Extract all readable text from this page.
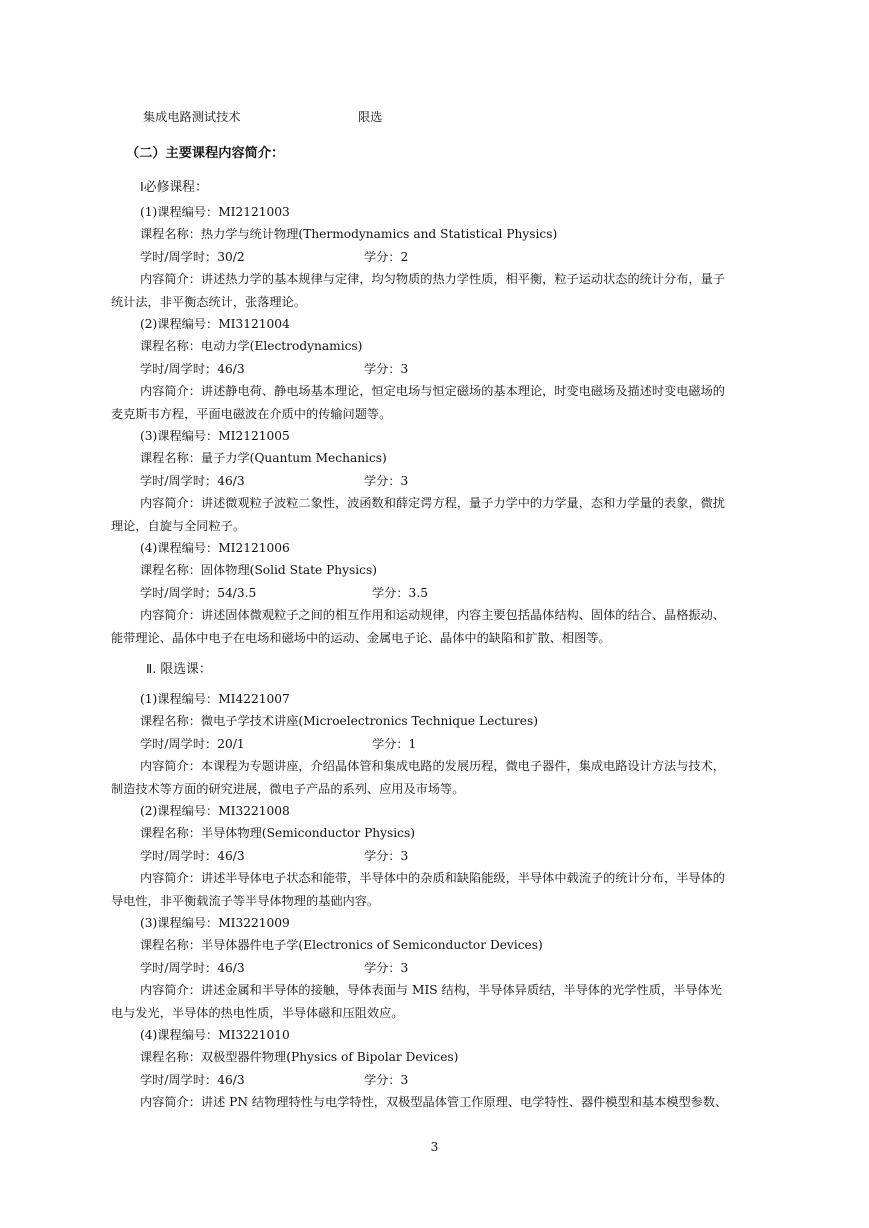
集成电路测试技术	限选
（二）主要课程内容简介：
Ⅰ必修课程：
Ⅱ. 限选课：
(1)课程编号：MI2121003
课程名称：热力学与统计物理(Thermodynamics and Statistical Physics)
学时/周学时：30/2	学分：2
内容简介：讲述热力学的基本规律与定律，均匀物质的热力学性质，相平衡，粒子运动状态的统计分布，量子
统计法，非平衡态统计，张落理论。
(2)课程编号：MI3121004
课程名称：电动力学(Electrodynamics)
学时/周学时：46/3	学分：3
内容简介：讲述静电荷、静电场基本理论，恒定电场与恒定磁场的基本理论，时变电磁场及描述时变电磁场的
麦克斯韦方程，平面电磁波在介质中的传输问题等。
(3)课程编号：MI2121005
课程名称：量子力学(Quantum Mechanics)
学时/周学时：46/3	学分：3
内容简介：讲述微观粒子波粒二象性，波函数和薛定谔方程，量子力学中的力学量，态和力学量的表象，微扰
理论，自旋与全同粒子。
(4)课程编号：MI2121006
课程名称：固体物理(Solid State Physics)
学时/周学时：54/3.5	学分：3.5
内容简介：讲述固体微观粒子之间的相互作用和运动规律，内容主要包括晶体结构、固体的结合、晶格振动、
能带理论、晶体中电子在电场和磁场中的运动、金属电子论、晶体中的缺陷和扩散、相图等。
(1)课程编号：MI4221007
课程名称：微电子学技术讲座(Microelectronics Technique Lectures)
学时/周学时：20/1	学分：1
内容简介：本课程为专题讲座，介绍晶体管和集成电路的发展历程，微电子器件，集成电路设计方法与技术，
制造技术等方面的研究进展，微电子产品的系列、应用及市场等。
(2)课程编号：MI3221008
课程名称：半导体物理(Semiconductor Physics)
学时/周学时：46/3	学分：3
内容简介：讲述半导体电子状态和能带，半导体中的杂质和缺陷能级，半导体中载流子的统计分布，半导体的
导电性，非平衡载流子等半导体物理的基础内容。
(3)课程编号：MI3221009
课程名称：半导体器件电子学(Electronics of Semiconductor Devices)
学时/周学时：46/3	学分：3
内容简介：讲述金属和半导体的接触，导体表面与 MIS 结构，半导体异质结，半导体的光学性质，半导体光
电与发光，半导体的热电性质，半导体磁和压阻效应。
(4)课程编号：MI3221010
课程名称：双极型器件物理(Physics of Bipolar Devices)
学时/周学时：46/3	学分：3
内容简介：讲述 PN 结物理特性与电学特性，双极型晶体管工作原理、电学特性、器件模型和基本模型参数、
3
